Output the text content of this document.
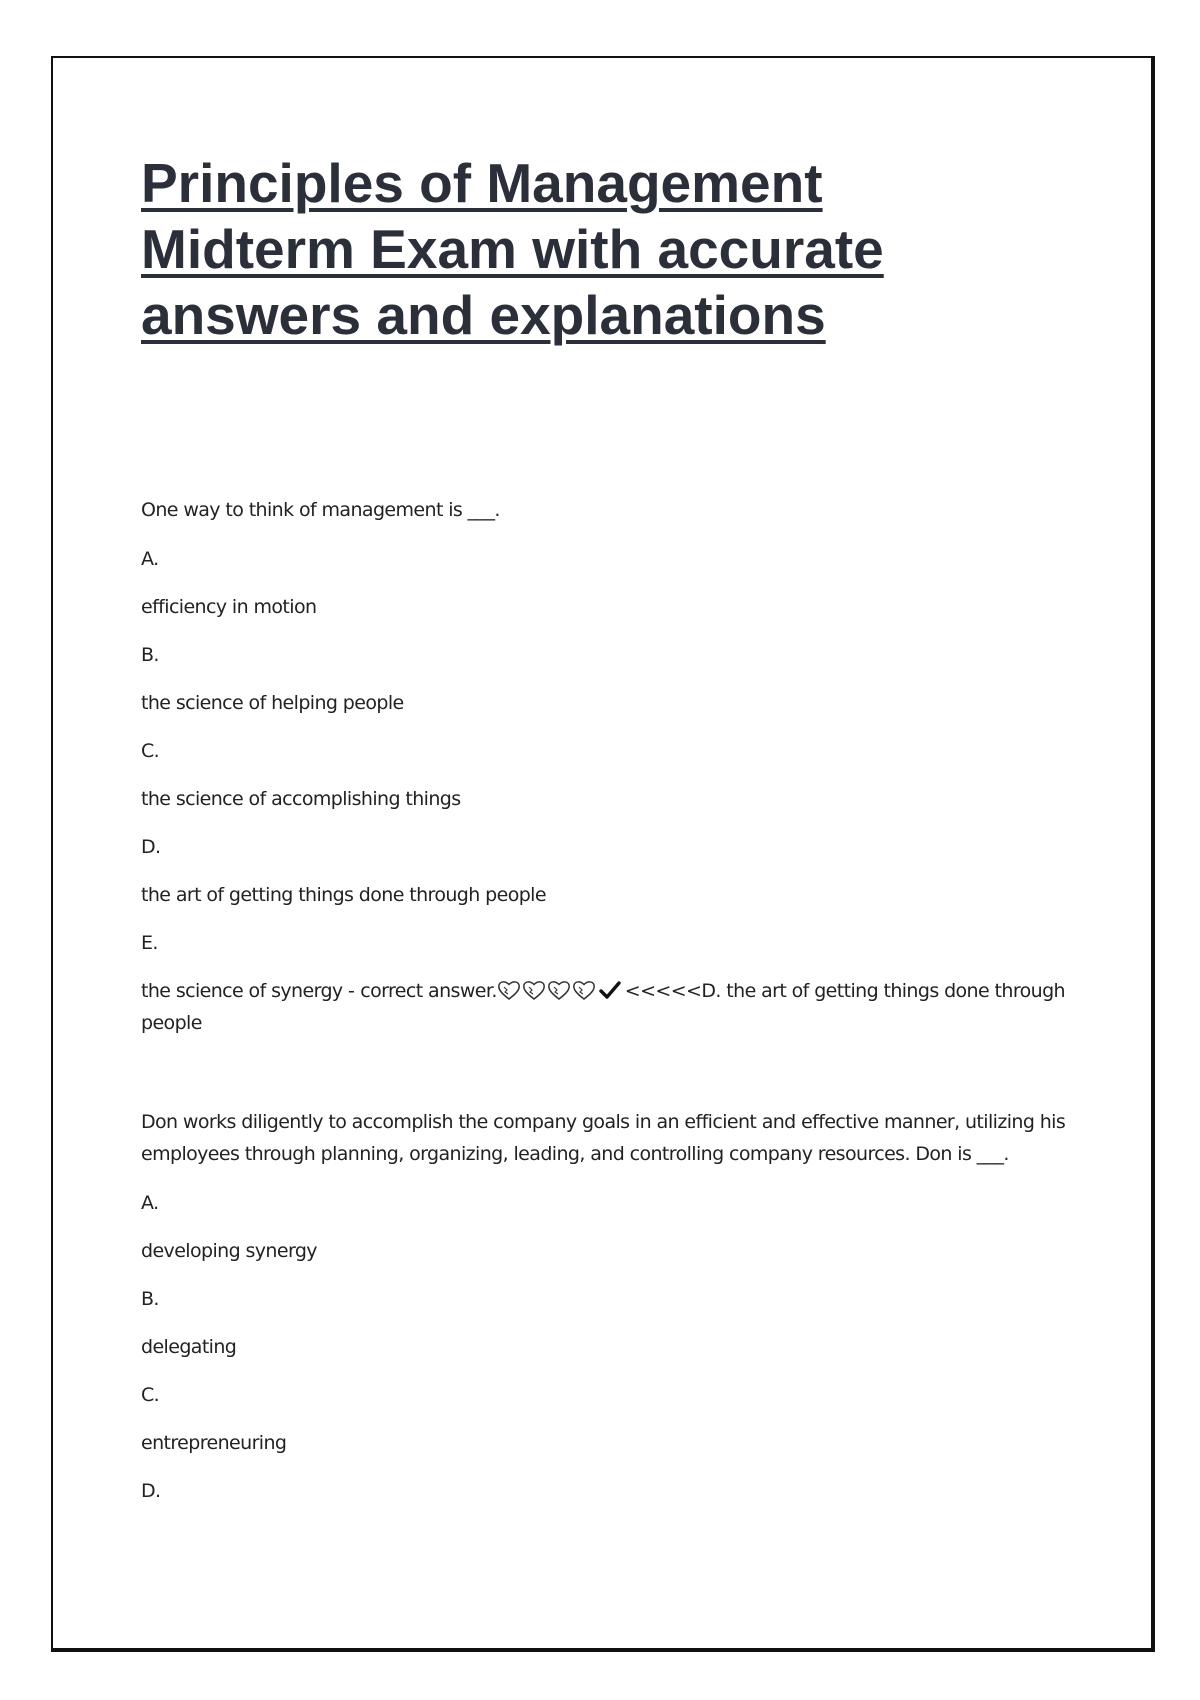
Principles of Management Midterm Exam with accurate answers and explanations

One way to think of management is ___.

A.

efficiency in motion

B.

the science of helping people

C.

the science of accomplishing things

D.

the art of getting things done through people

E.

the science of synergy - correct answer.	<<<<<D. the art of getting things done through people

Don works diligently to accomplish the company goals in an efficient and effective manner, utilizing his employees through planning, organizing, leading, and controlling company resources. Don is ___.

A.

developing synergy

B.

delegating

C.

entrepreneuring

D.
